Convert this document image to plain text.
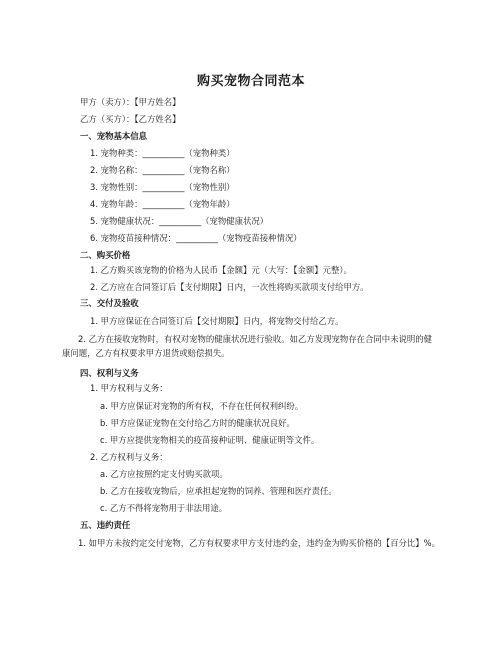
购买宠物合同范本
甲方（卖方）：【甲方姓名】
乙方（买方）：【乙方姓名】
一、宠物基本信息
1. 宠物种类：__________（宠物种类）
2. 宠物名称：__________（宠物名称）
3. 宠物性别：__________（宠物性别）
4. 宠物年龄：__________（宠物年龄）
5. 宠物健康状况：__________（宠物健康状况）
6. 宠物疫苗接种情况：__________（宠物疫苗接种情况）
二、购买价格
1. 乙方购买该宠物的价格为人民币【金额】元（大写：【金额】元整）。
2. 乙方应在合同签订后【支付期限】日内，一次性将购买款项支付给甲方。
三、交付及验收
1. 甲方应保证在合同签订后【交付期限】日内，将宠物交付给乙方。
2. 乙方在接收宠物时，有权对宠物的健康状况进行验收。如乙方发现宠物存在合同中未说明的健康问题，乙方有权要求甲方退货或赔偿损失。
四、权利与义务
1. 甲方权利与义务：
a. 甲方应保证对宠物的所有权，不存在任何权利纠纷。
b. 甲方应保证宠物在交付给乙方时的健康状况良好。
c. 甲方应提供宠物相关的疫苗接种证明、健康证明等文件。
2. 乙方权利与义务：
a. 乙方应按照约定支付购买款项。
b. 乙方在接收宠物后，应承担起宠物的饲养、管理和医疗责任。
c. 乙方不得将宠物用于非法用途。
五、违约责任
1. 如甲方未按约定交付宠物，乙方有权要求甲方支付违约金，违约金为购买价格的【百分比】%。
